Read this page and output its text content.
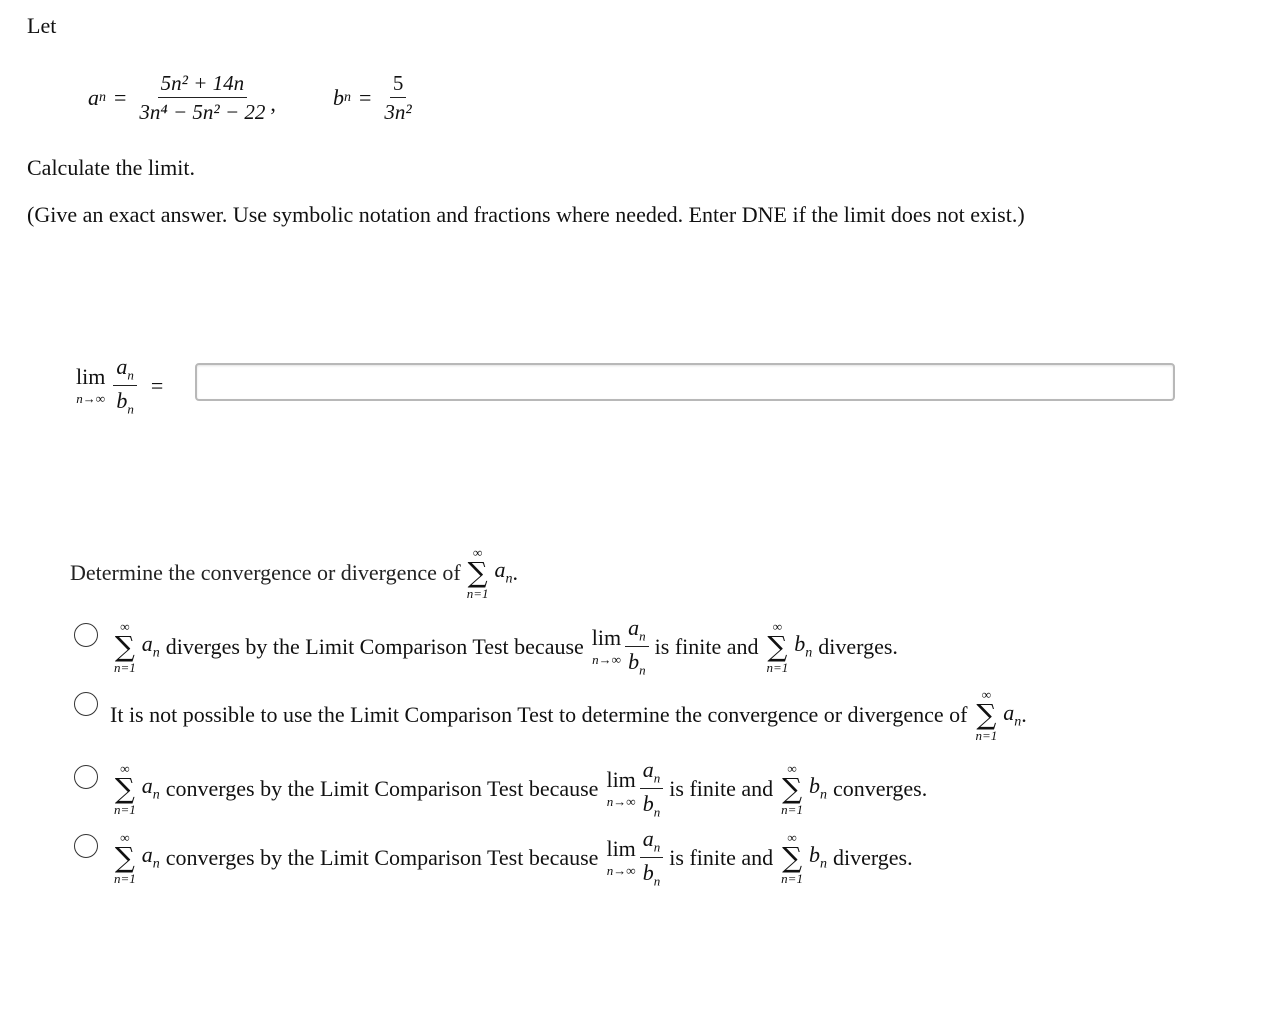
Let
a $n = \frac{\text{5n² + 14n}}{\text{3n⁴ − 5n² − 22}}$ ,	b $n = \frac{5}{\text{3n²}}$
Calculate the limit.
(Give an exact answer. Use symbolic notation and fractions where needed. Enter DNE if the limit does not exist.)
lim
$n\to\infty \frac{a_n}{b_n}$ =
Determine the convergence or divergence of
∞
∑
n=1
$a_n$ .
∞
∑
n=1
$a_n$ diverges by the Limit Comparison Test because lim
$n\to\infty \frac{a_n}{b_n}$ is finite and
∞
∑
n=1
$b_n$ diverges.
It is not possible to use the Limit Comparison Test to determine the convergence or divergence of
∞
∑
n=1
$a_n$ .
∞
∑
n=1
$a_n$ converges by the Limit Comparison Test because lim
$n\to\infty \frac{a_n}{b_n}$ is finite and
∞
∑
n=1
$b_n$ converges.
∞
∑
n=1
$a_n$ converges by the Limit Comparison Test because lim
$n\to\infty \frac{a_n}{b_n}$ is finite and
∞
∑
n=1
$b_n$ diverges.
